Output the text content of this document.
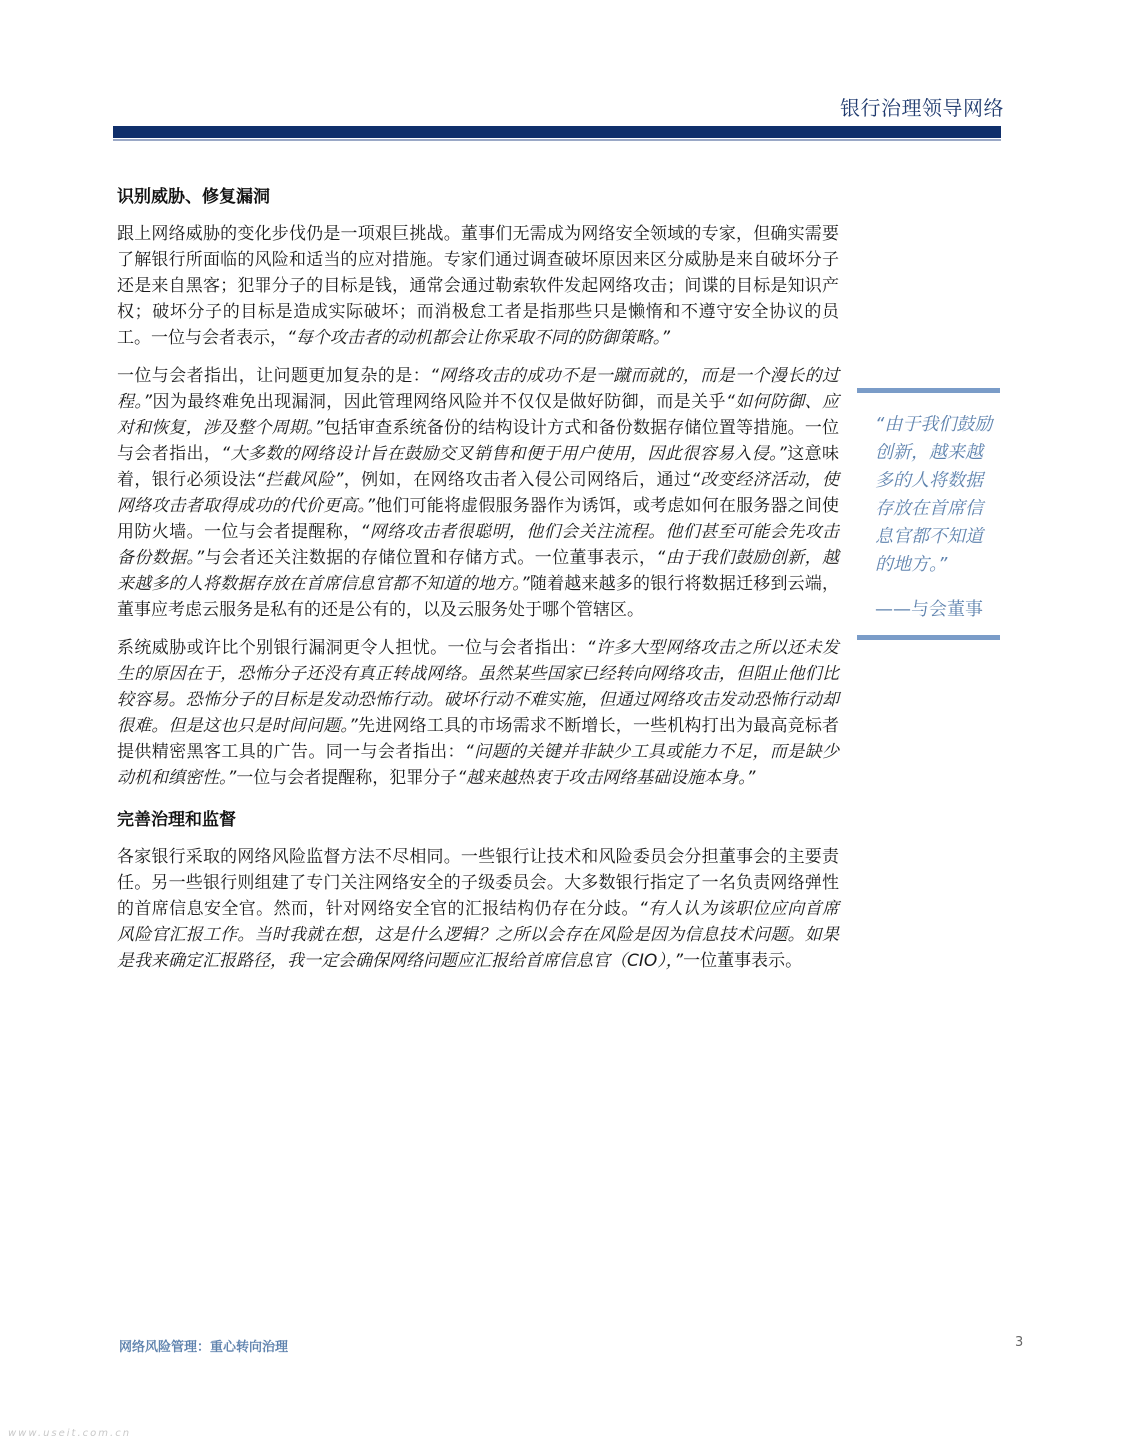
银行治理领导网络
识别威胁、修复漏洞

跟上网络威胁的变化步伐仍是一项艰巨挑战。董事们无需成为网络安全领域的专家，但确实需要了解银行所面临的风险和适当的应对措施。专家们通过调查破坏原因来区分威胁是来自破坏分子还是来自黑客；犯罪分子的目标是钱，通常会通过勒索软件发起网络攻击；间谍的目标是知识产权；破坏分子的目标是造成实际破坏；而消极怠工者是指那些只是懒惰和不遵守安全协议的员工。一位与会者表示，“每个攻击者的动机都会让你采取不同的防御策略。”

一位与会者指出，让问题更加复杂的是：“网络攻击的成功不是一蹴而就的，而是一个漫长的过程。”因为最终难免出现漏洞，因此管理网络风险并不仅仅是做好防御，而是关乎“如何防御、应对和恢复，涉及整个周期。”包括审查系统备份的结构设计方式和备份数据存储位置等措施。一位与会者指出，“大多数的网络设计旨在鼓励交叉销售和便于用户使用，因此很容易入侵。”这意味着，银行必须设法“拦截风险”，例如，在网络攻击者入侵公司网络后，通过“改变经济活动，使网络攻击者取得成功的代价更高。”他们可能将虚假服务器作为诱饵，或考虑如何在服务器之间使用防火墙。一位与会者提醒称，“网络攻击者很聪明，他们会关注流程。他们甚至可能会先攻击备份数据。”与会者还关注数据的存储位置和存储方式。一位董事表示，“由于我们鼓励创新，越来越多的人将数据存放在首席信息官都不知道的地方。”随着越来越多的银行将数据迁移到云端，董事应考虑云服务是私有的还是公有的，以及云服务处于哪个管辖区。

系统威胁或许比个别银行漏洞更令人担忧。一位与会者指出：“许多大型网络攻击之所以还未发生的原因在于，恐怖分子还没有真正转战网络。虽然某些国家已经转向网络攻击，但阻止他们比较容易。恐怖分子的目标是发动恐怖行动。破坏行动不难实施，但通过网络攻击发动恐怖行动却很难。但是这也只是时间问题。”先进网络工具的市场需求不断增长，一些机构打出为最高竞标者提供精密黑客工具的广告。同一与会者指出：“问题的关键并非缺少工具或能力不足，而是缺少动机和缜密性。”一位与会者提醒称，犯罪分子“越来越热衷于攻击网络基础设施本身。”

完善治理和监督

各家银行采取的网络风险监督方法不尽相同。一些银行让技术和风险委员会分担董事会的主要责任。另一些银行则组建了专门关注网络安全的子级委员会。大多数银行指定了一名负责网络弹性的首席信息安全官。然而，针对网络安全官的汇报结构仍存在分歧。“有人认为该职位应向首席风险官汇报工作。当时我就在想，这是什么逻辑？之所以会存在风险是因为信息技术问题。如果是我来确定汇报路径，我一定会确保网络问题应汇报给首席信息官（CIO），”一位董事表示。

“由于我们鼓励创新，越来越多的人将数据存放在首席信息官都不知道的地方。”
——与会董事
网络风险管理：重心转向治理	3
www.useit.com.cn
